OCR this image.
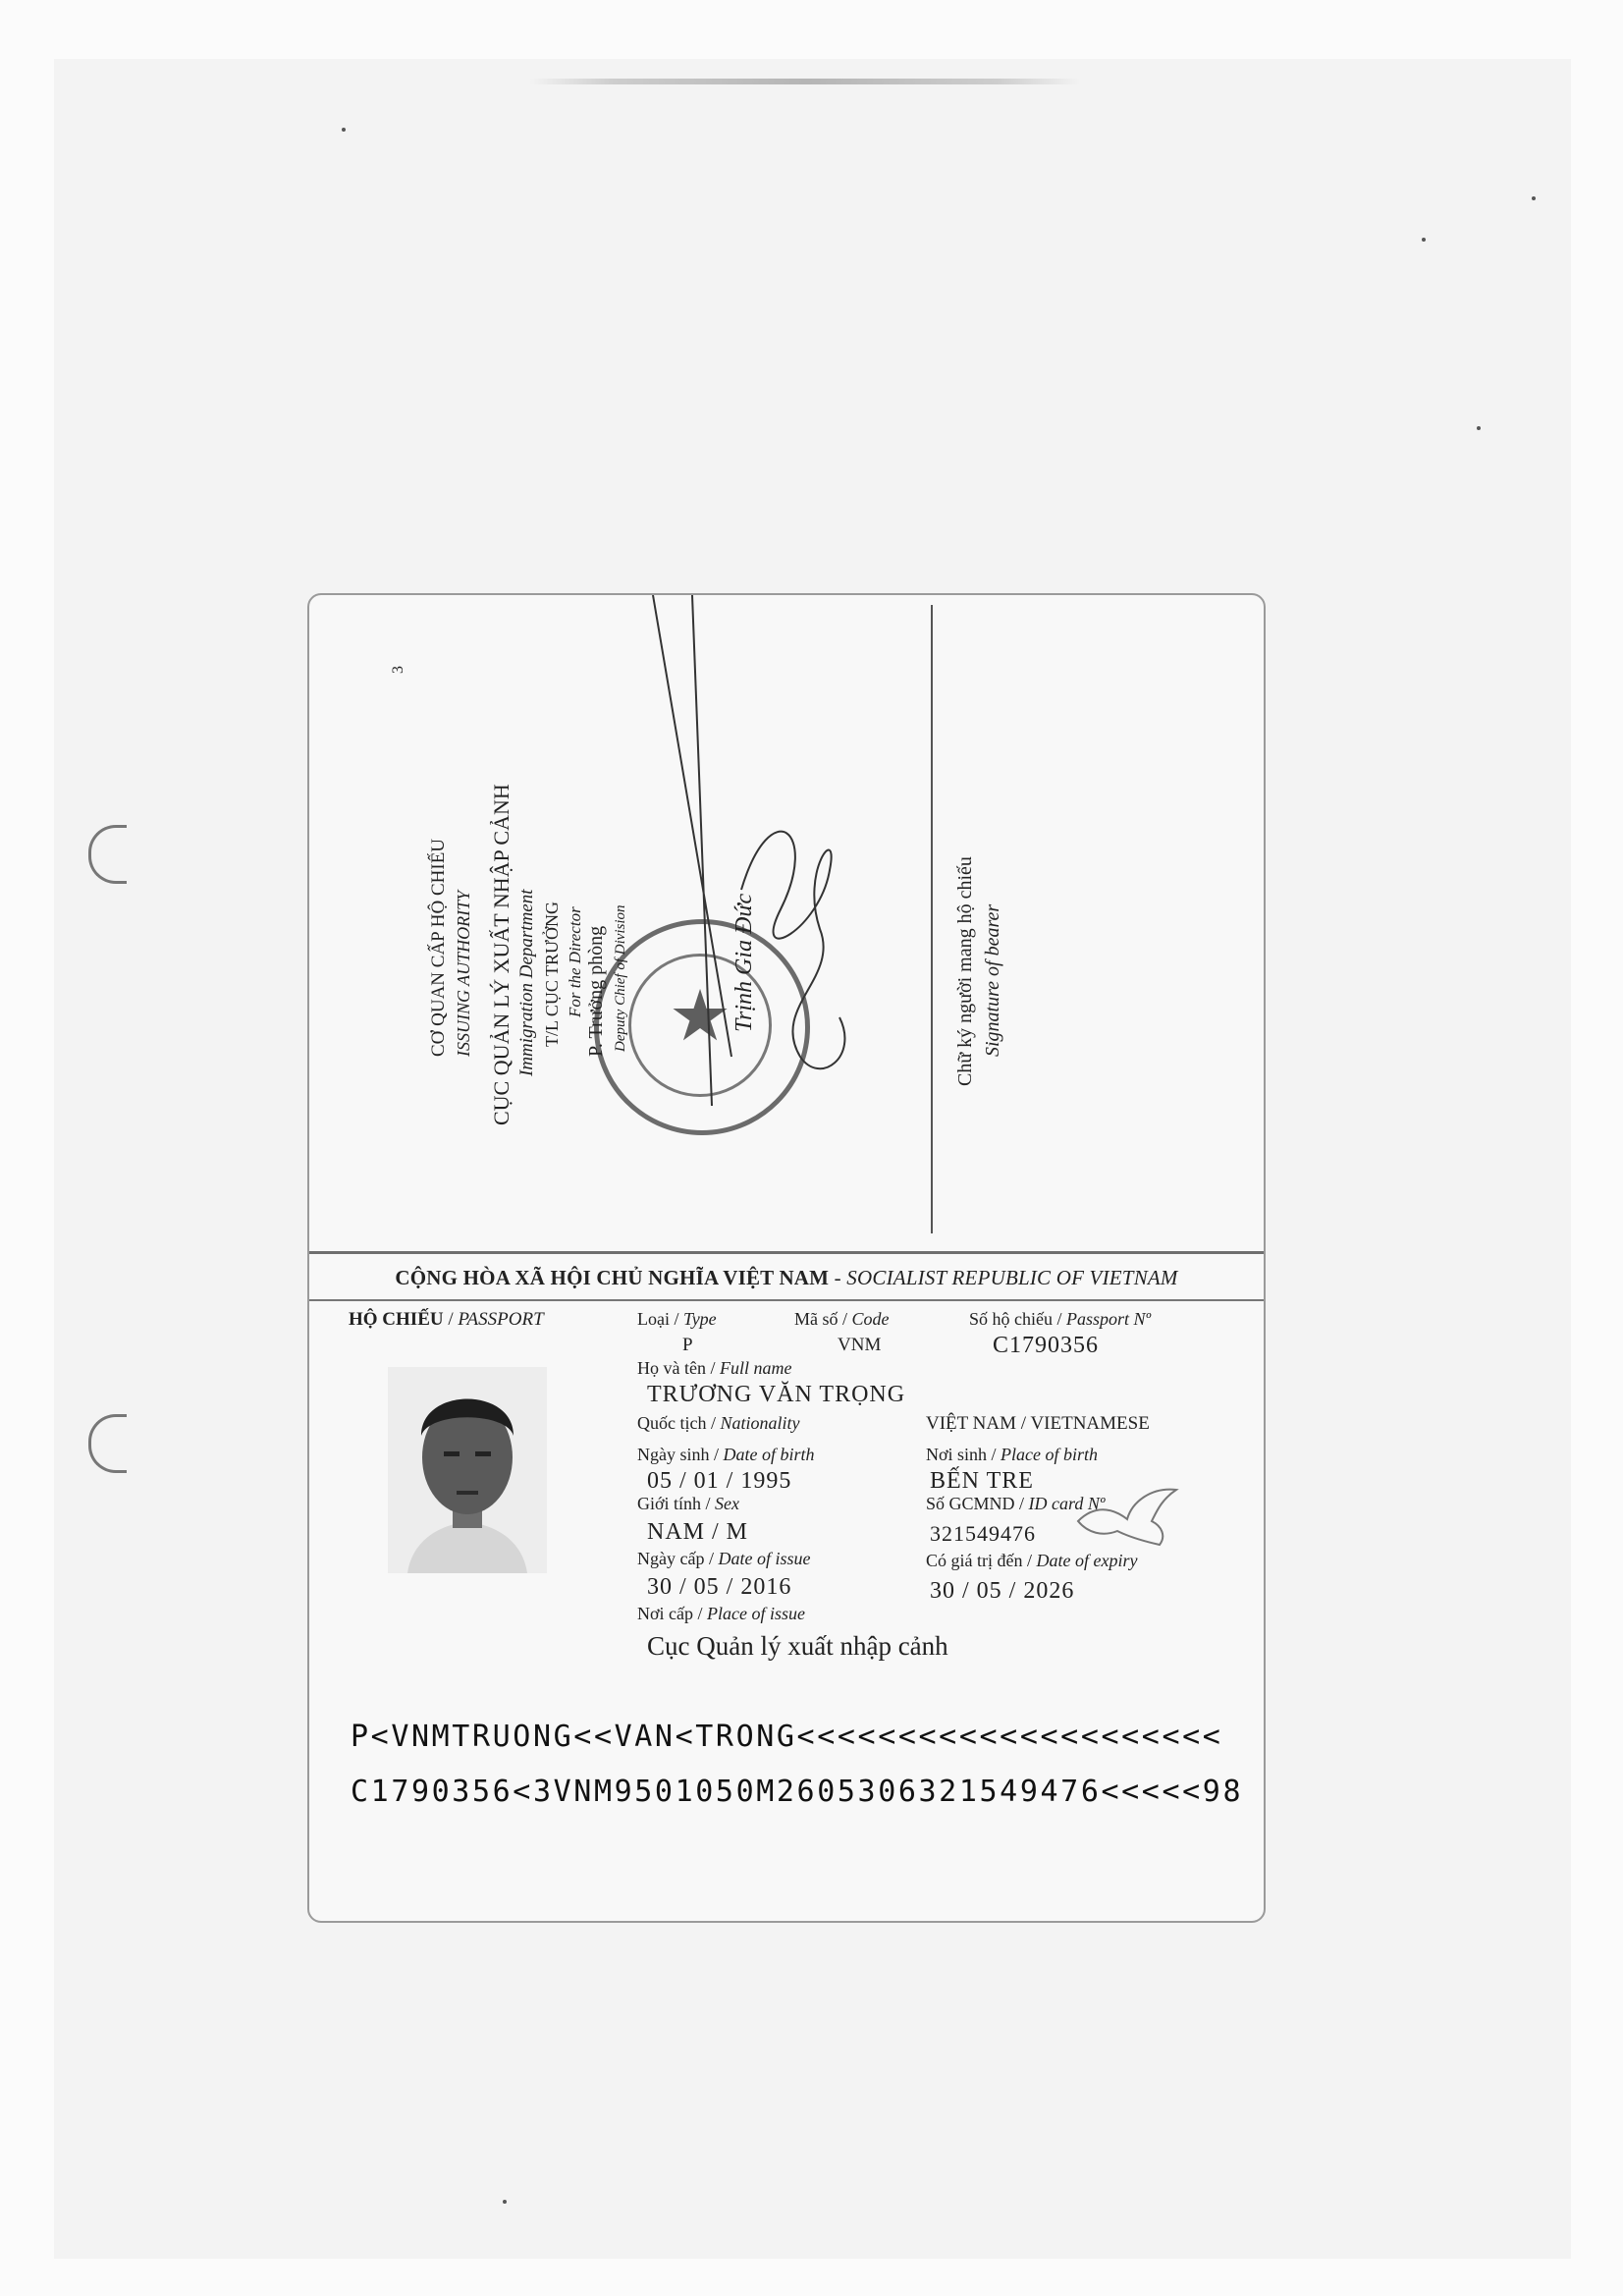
3
★
CƠ QUAN CẤP HỘ CHIẾU ISSUING AUTHORITY CỤC QUẢN LÝ XUẤT NHẬP CẢNH Immigration Department T/L CỤC TRƯỞNG For the Director P. Trưởng phòng Deputy Chief of Division	Trịnh Gia Đức	Chữ ký người mang hộ chiếu Signature of bearer
CỘNG HÒA XÃ HỘI CHỦ NGHĨA VIỆT NAM - SOCIALIST REPUBLIC OF VIETNAM
HỘ CHIẾU / PASSPORT	Loại / Type	Mã số / Code	Số hộ chiếu / Passport Nº
P	VNM	C1790356
Họ và tên / Full name
TRƯƠNG VĂN TRỌNG
Quốc tịch / Nationality	VIỆT NAM / VIETNAMESE
Ngày sinh / Date of birth	Nơi sinh / Place of birth
05 / 01 / 1995	BẾN TRE
Giới tính / Sex	Số GCMND / ID card Nº
NAM / M	321549476
Ngày cấp / Date of issue	Có giá trị đến / Date of expiry
30 / 05 / 2016	30 / 05 / 2026
Nơi cấp / Place of issue
Cục Quản lý xuất nhập cảnh
P<VNMTRUONG<<VAN<TRONG<<<<<<<<<<<<<<<<<<<<<
C1790356<3VNM9501050M2605306321549476<<<<<98
